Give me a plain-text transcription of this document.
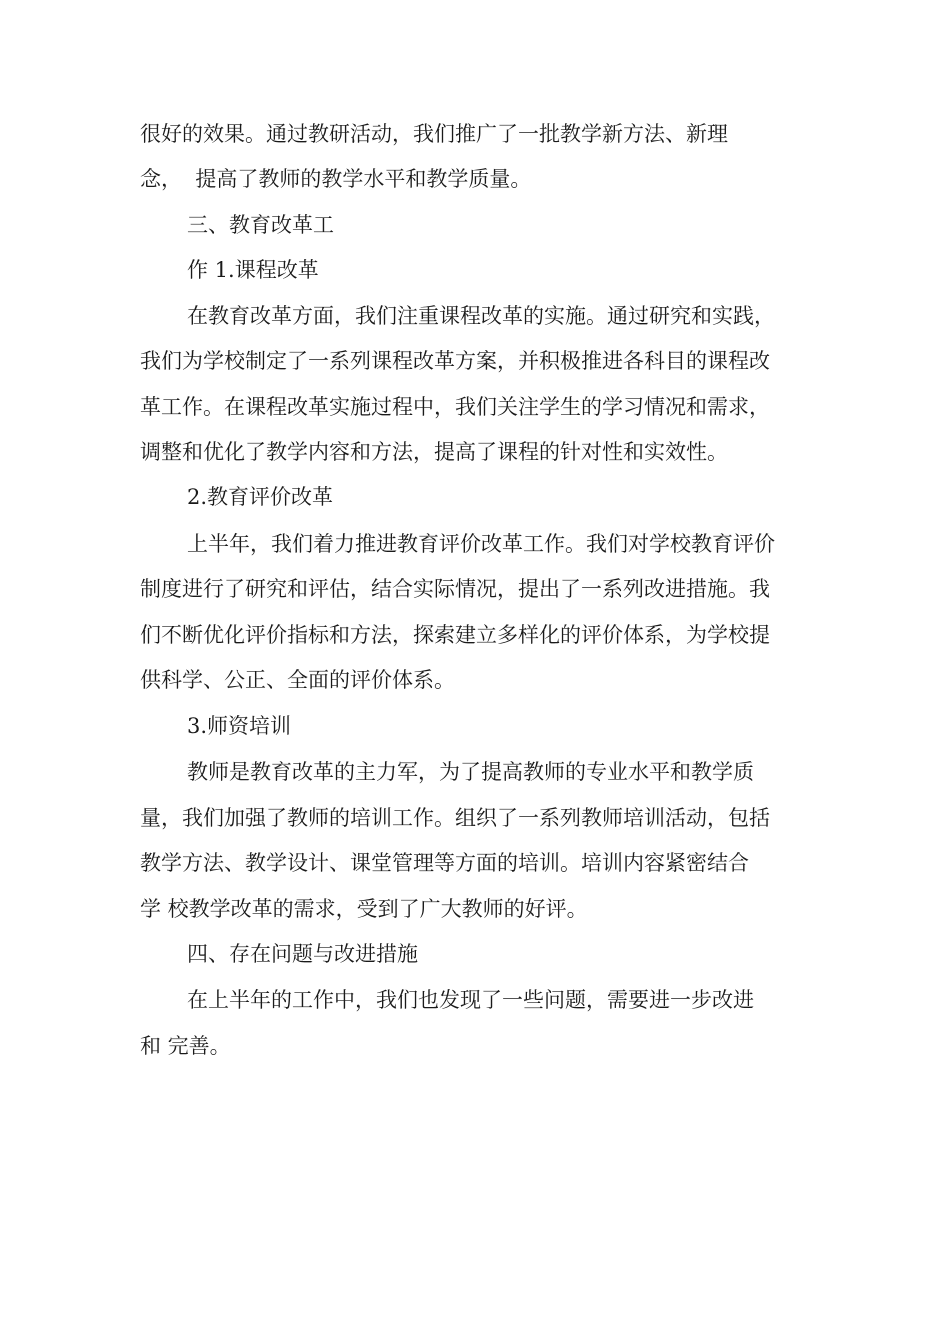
很好的效果。通过教研活动，我们推广了一批教学新方法、新理
念，  提高了教师的教学水平和教学质量。
三、教育改革工
作 1.课程改革
在教育改革方面，我们注重课程改革的实施。通过研究和实践，
我们为学校制定了一系列课程改革方案，并积极推进各科目的课程改
革工作。在课程改革实施过程中，我们关注学生的学习情况和需求，
调整和优化了教学内容和方法，提高了课程的针对性和实效性。
2.教育评价改革
上半年，我们着力推进教育评价改革工作。我们对学校教育评价
制度进行了研究和评估，结合实际情况，提出了一系列改进措施。我
们不断优化评价指标和方法，探索建立多样化的评价体系，为学校提
供科学、公正、全面的评价体系。
3.师资培训
教师是教育改革的主力军，为了提高教师的专业水平和教学质
量，我们加强了教师的培训工作。组织了一系列教师培训活动，包括
教学方法、教学设计、课堂管理等方面的培训。培训内容紧密结合
学 校教学改革的需求，受到了广大教师的好评。
四、存在问题与改进措施
在上半年的工作中，我们也发现了一些问题，需要进一步改进
和 完善。
